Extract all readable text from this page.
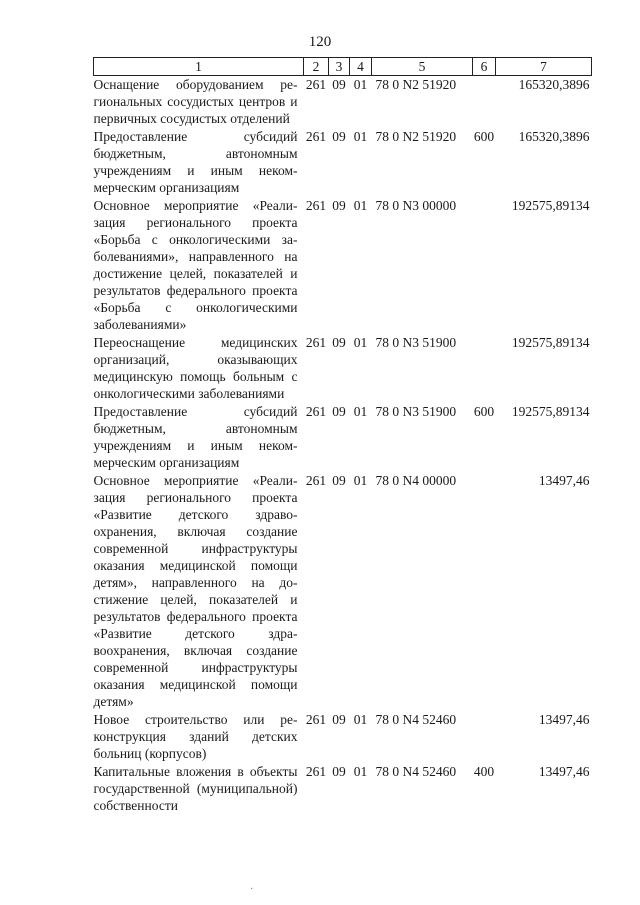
120
1	2	3	4	5	6	7
Оснащение оборудованием региональных сосудистых центров и первичных сосудистых отделений	261	09	01	78 0 N2 51920		165320,3896
Предоставление субсидий бюджетным, автономным учреждениям и иным некоммерческим организациям	261	09	01	78 0 N2 51920	600	165320,3896
Основное мероприятие «Реализация регионального проекта «Борьба с онкологическими заболеваниями», направленного на достижение целей, показателей и результатов федерального проекта «Борьба с онкологическими заболеваниями»	261	09	01	78 0 N3 00000		192575,89134
Переоснащение медицинских организаций, оказывающих медицинскую помощь больным с онкологическими заболеваниями	261	09	01	78 0 N3 51900		192575,89134
Предоставление субсидий бюджетным, автономным учреждениям и иным некоммерческим организациям	261	09	01	78 0 N3 51900	600	192575,89134
Основное мероприятие «Реализация регионального проекта «Развитие детского здравоохранения, включая создание современной инфраструктуры оказания медицинской помощи детям», направленного на достижение целей, показателей и результатов федерального проекта «Развитие детского здравоохранения, включая создание современной инфраструктуры оказания медицинской помощи детям»	261	09	01	78 0 N4 00000		13497,46
Новое строительство или реконструкция зданий детских больниц (корпусов)	261	09	01	78 0 N4 52460		13497,46
Капитальные вложения в объекты государственной (муниципальной) собственности	261	09	01	78 0 N4 52460	400	13497,46
·
